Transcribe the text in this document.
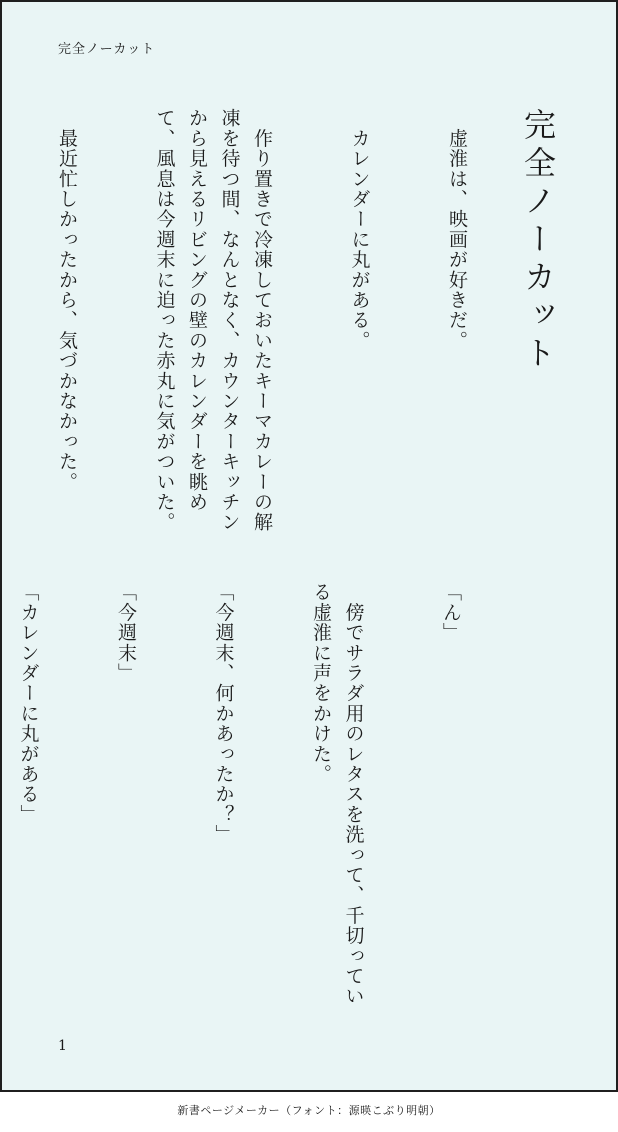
完全ノーカット
完全ノーカット

　虚淮は、映画が好きだ。

　カレンダーに丸がある。

　作り置きで冷凍しておいたキーマカレーの解凍を待つ間、なんとなく、カウンターキッチンから見えるリビングの壁のカレンダーを眺めて、風息は今週末に迫った赤丸に気がついた。

　最近忙しかったから、気づかなかった。

「ん」

　傍でサラダ用のレタスを洗って、千切っている虚淮に声をかけた。

「今週末、何かあったか？」

「今週末」

「カレンダーに丸がある」

1
新書ページメーカー（フォント：源暎こぶり明朝）
